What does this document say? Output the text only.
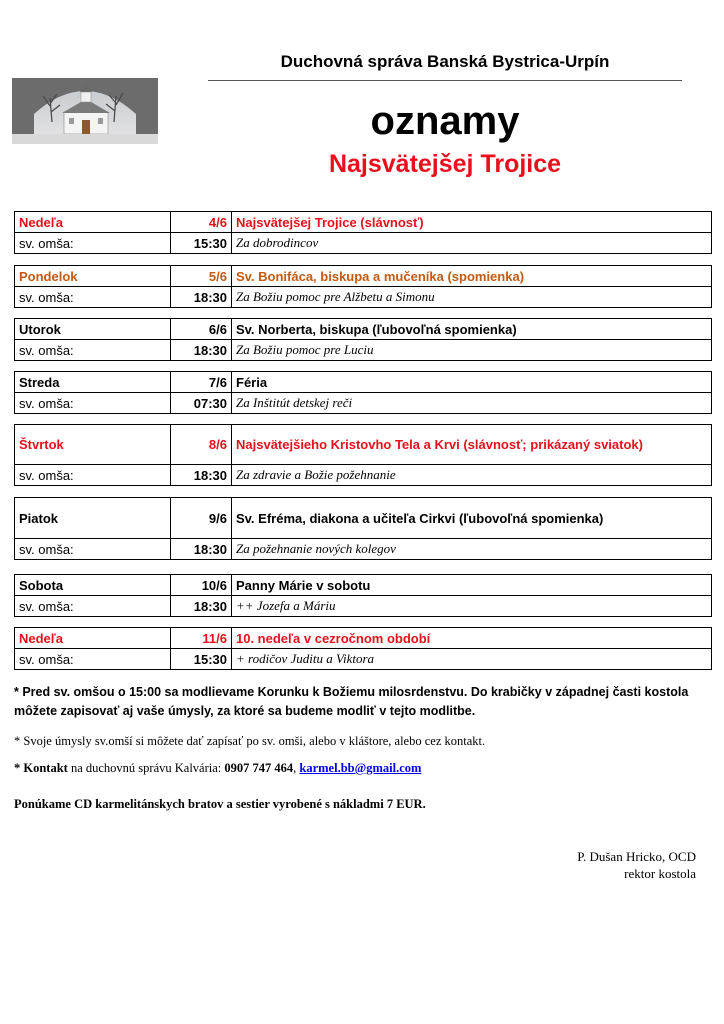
Duchovná správa Banská Bystrica-Urpín
oznamy
Najsvätejšej Trojice
Nedeľa	4/6	Najsvätejšej Trojice (slávnosť)
sv. omša:	15:30	Za dobrodincov
Pondelok	5/6	Sv. Bonifáca, biskupa a mučeníka (spomienka)
sv. omša:	18:30	Za Božiu pomoc pre Alžbetu a Simonu
Utorok	6/6	Sv. Norberta, biskupa (ľubovoľná spomienka)
sv. omša:	18:30	Za Božiu pomoc pre Luciu
Streda	7/6	Féria
sv. omša:	07:30	Za Inštitút detskej reči
Štvrtok	8/6	Najsvätejšieho Kristovho Tela a Krvi (slávnosť; prikázaný sviatok)
sv. omša:	18:30	Za zdravie a Božie požehnanie
Piatok	9/6	Sv. Efréma, diakona a učiteľa Cirkvi (ľubovoľná spomienka)
sv. omša:	18:30	Za požehnanie nových kolegov
Sobota	10/6	Panny Márie v sobotu
sv. omša:	18:30	++ Jozefa a Máriu
Nedeľa	11/6	10. nedeľa v cezročnom období
sv. omša:	15:30	+ rodičov Juditu a Viktora
* Pred sv. omšou o 15:00 sa modlievame Korunku k Božiemu milosrdenstvu. Do krabičky v západnej časti kostola môžete zapisovať aj vaše úmysly, za ktoré sa budeme modliť v tejto modlitbe.
* Svoje úmysly sv.omší si môžete dať zapísať po sv. omši, alebo v kláštore, alebo cez kontakt.
* Kontakt na duchovnú správu Kalvária: 0907 747 464, karmel.bb@gmail.com
Ponúkame CD karmelitánskych bratov a sestier vyrobené s nákladmi 7 EUR.
P. Dušan Hricko, OCD
rektor kostola
